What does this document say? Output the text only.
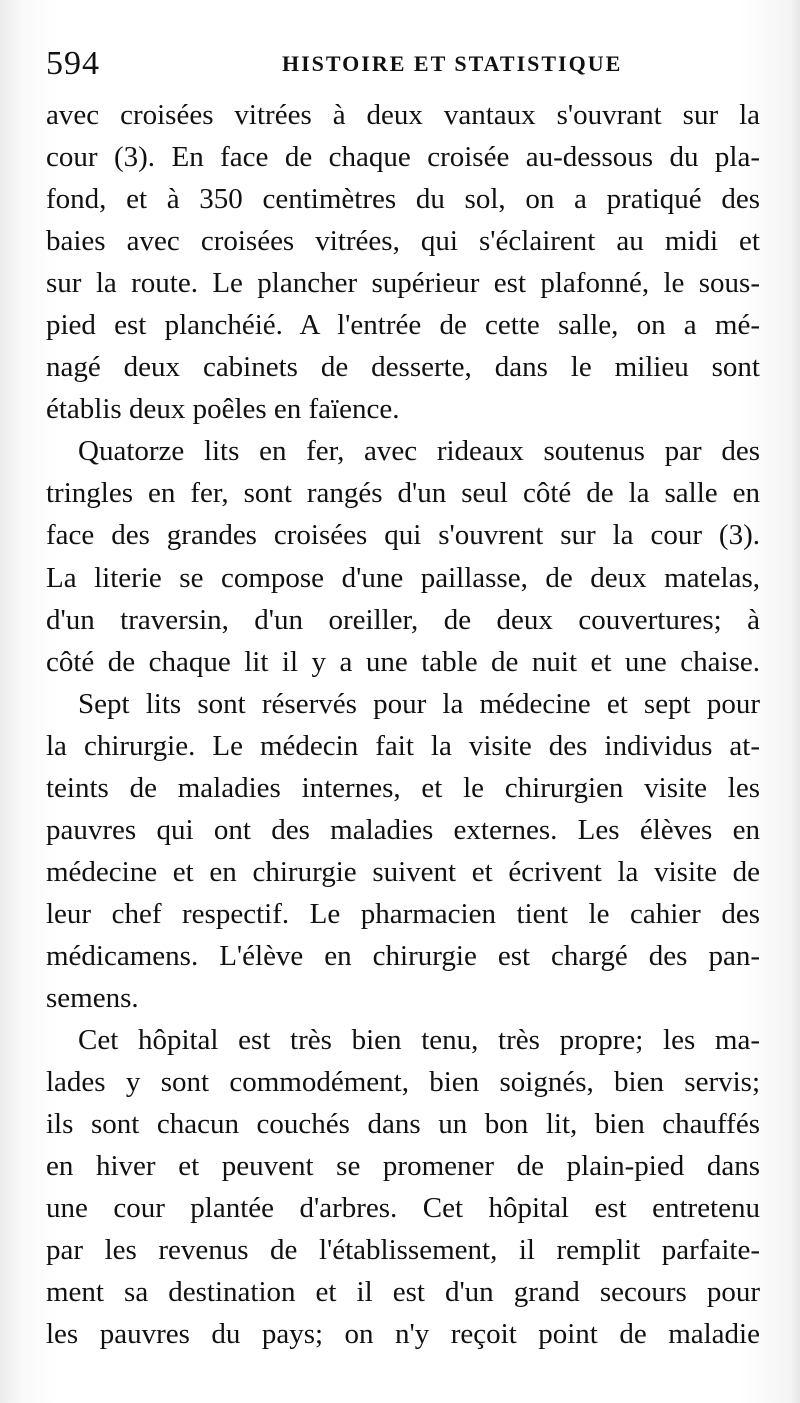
594	HISTOIRE ET STATISTIQUE
avec croisées vitrées à deux vantaux s'ouvrant sur la
cour (3). En face de chaque croisée au-dessous du pla-
fond, et à 350 centimètres du sol, on a pratiqué des
baies avec croisées vitrées, qui s'éclairent au midi et
sur la route. Le plancher supérieur est plafonné, le sous-
pied est planchéié. A l'entrée de cette salle, on a mé-
nagé deux cabinets de desserte, dans le milieu sont
établis deux poêles en faïence.
Quatorze lits en fer, avec rideaux soutenus par des
tringles en fer, sont rangés d'un seul côté de la salle en
face des grandes croisées qui s'ouvrent sur la cour (3).
La literie se compose d'une paillasse, de deux matelas,
d'un traversin, d'un oreiller, de deux couvertures; à
côté de chaque lit il y a une table de nuit et une chaise.
Sept lits sont réservés pour la médecine et sept pour
la chirurgie. Le médecin fait la visite des individus at-
teints de maladies internes, et le chirurgien visite les
pauvres qui ont des maladies externes. Les élèves en
médecine et en chirurgie suivent et écrivent la visite de
leur chef respectif. Le pharmacien tient le cahier des
médicamens. L'élève en chirurgie est chargé des pan-
semens.
Cet hôpital est très bien tenu, très propre; les ma-
lades y sont commodément, bien soignés, bien servis;
ils sont chacun couchés dans un bon lit, bien chauffés
en hiver et peuvent se promener de plain-pied dans
une cour plantée d'arbres. Cet hôpital est entretenu
par les revenus de l'établissement, il remplit parfaite-
ment sa destination et il est d'un grand secours pour
les pauvres du pays; on n'y reçoit point de maladie
